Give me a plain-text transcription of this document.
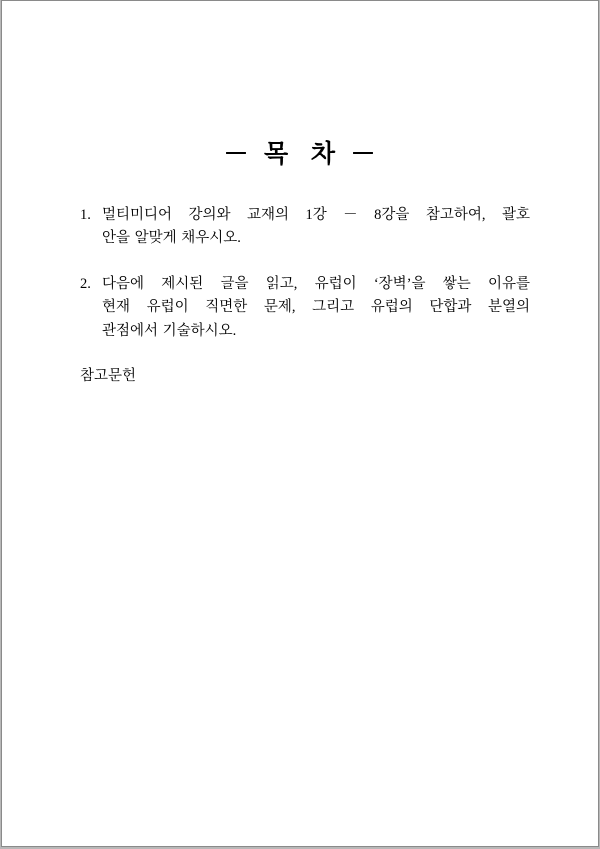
－  목   차  －
1. 멀티미디어 강의와 교재의 1강 － 8강을 참고하여, 괄호
안을 알맞게 채우시오.
2. 다음에 제시된 글을 읽고, 유럽이 ‘장벽’을 쌓는 이유를
현재 유럽이 직면한 문제, 그리고 유럽의 단합과 분열의
관점에서 기술하시오.
참고문헌
